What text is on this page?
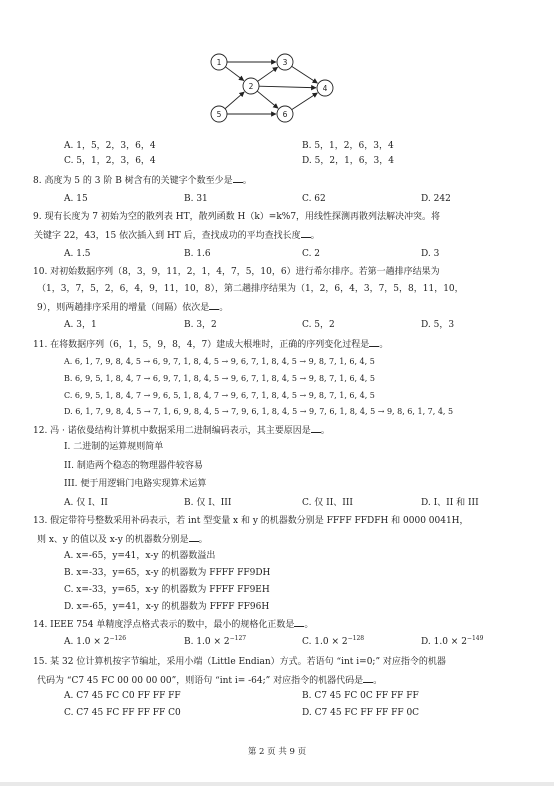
1
2
3
4
5	6
A. 1，5，2，3，6，4	B. 5，1，2，6，3，4
C. 5，1，2，3，6，4	D. 5，2，1，6，3，4
8. 高度为 5 的 3 阶 B 树含有的关键字个数至少是 。
A. 15	B. 31	C. 62	D. 242
9. 现有长度为 7 初始为空的散列表 HT，散列函数 H（k）=k%7，用线性探测再散列法解决冲突。将
关键字 22，43，15 依次插入到 HT 后，查找成功的平均查找长度 。
A. 1.5	B. 1.6	C. 2	D. 3
10. 对初始数据序列（8，3，9，11，2，1，4，7，5，10，6）进行希尔排序。若第一趟排序结果为
（1，3，7，5，2，6，4，9，11，10，8），第二趟排序结果为（1，2，6，4，3，7，5，8，11，10，
9），则两趟排序采用的增量（间隔）依次是 。
A. 3，1	B. 3，2	C. 5，2	D. 5，3
11. 在将数据序列（6，1，5，9，8，4，7）建成大根堆时，正确的序列变化过程是 。
A. 6, 1, 7, 9, 8, 4, 5 → 6, 9, 7, 1, 8, 4, 5 → 9, 6, 7, 1, 8, 4, 5 → 9, 8, 7, 1, 6, 4, 5
B. 6, 9, 5, 1, 8, 4, 7 → 6, 9, 7, 1, 8, 4, 5 → 9, 6, 7, 1, 8, 4, 5 → 9, 8, 7, 1, 6, 4, 5
C. 6, 9, 5, 1, 8, 4, 7 → 9, 6, 5, 1, 8, 4, 7 → 9, 6, 7, 1, 8, 4, 5 → 9, 8, 7, 1, 6, 4, 5
D. 6, 1, 7, 9, 8, 4, 5 → 7, 1, 6, 9, 8, 4, 5 → 7, 9, 6, 1, 8, 4, 5 → 9, 7, 6, 1, 8, 4, 5 → 9, 8, 6, 1, 7, 4, 5
12. 冯 · 诺依曼结构计算机中数据采用二进制编码表示，其主要原因是 。
I. 二进制的运算规则简单
II. 制造两个稳态的物理器件较容易
III. 便于用逻辑门电路实现算术运算
A. 仅 I、II	B. 仅 I、III	C. 仅 II、III	D. I、II 和 III
13. 假定带符号整数采用补码表示，若 int 型变量 x 和 y 的机器数分别是 FFFF FFDFH 和 0000 0041H，
则 x、y 的值以及 x-y 的机器数分别是 。
A. x=-65，y=41，x-y 的机器数溢出
B. x=-33，y=65，x-y 的机器数为 FFFF FF9DH
C. x=-33，y=65，x-y 的机器数为 FFFF FF9EH
D. x=-65，y=41，x-y 的机器数为 FFFF FF96H
14. IEEE 754 单精度浮点格式表示的数中，最小的规格化正数是 。
A. $1.0 \times 2^{-126}$	B. $1.0 \times 2^{-127}$	C. $1.0 \times 2^{-128}$	D. $1.0 \times 2^{-149}$
15. 某 32 位计算机按字节编址，采用小端（Little Endian）方式。若语句 “int i=0;” 对应指令的机器
代码为 “C7 45 FC 00 00 00 00”，则语句 “int i= -64;” 对应指令的机器代码是 。
A. C7 45 FC C0 FF FF FF	B. C7 45 FC 0C FF FF FF
C. C7 45 FC FF FF FF C0	D. C7 45 FC FF FF FF 0C
第 2 页 共 9 页
